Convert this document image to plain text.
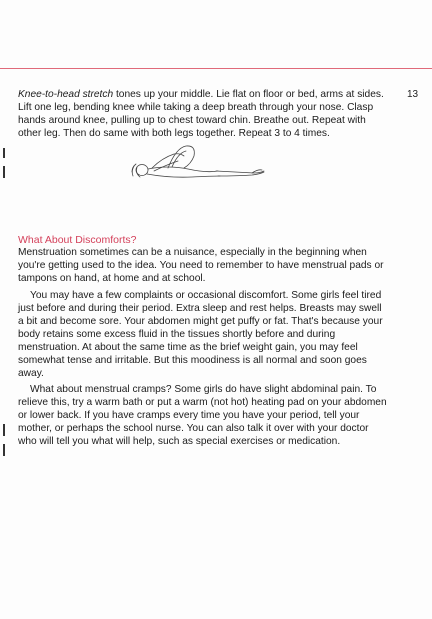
13

Knee-to-head stretch tones up your middle. Lie flat on floor or bed, arms at sides. Lift one leg, bending knee while taking a deep breath through your nose. Clasp hands around knee, pulling up to chest toward chin. Breathe out. Repeat with other leg. Then do same with both legs together. Repeat 3 to 4 times.

What About Discomforts?

Menstruation sometimes can be a nuisance, especially in the beginning when you're getting used to the idea. You need to remember to have menstrual pads or tampons on hand, at home and at school.

You may have a few complaints or occasional discomfort. Some girls feel tired just before and during their period. Extra sleep and rest helps. Breasts may swell a bit and become sore. Your abdomen might get puffy or fat. That's because your body retains some excess fluid in the tissues shortly before and during menstruation. At about the same time as the brief weight gain, you may feel somewhat tense and irritable. But this moodiness is all normal and soon goes away.

What about menstrual cramps? Some girls do have slight abdominal pain. To relieve this, try a warm bath or put a warm (not hot) heating pad on your abdomen or lower back. If you have cramps every time you have your period, tell your mother, or perhaps the school nurse. You can also talk it over with your doctor who will tell you what will help, such as special exercises or medication.
